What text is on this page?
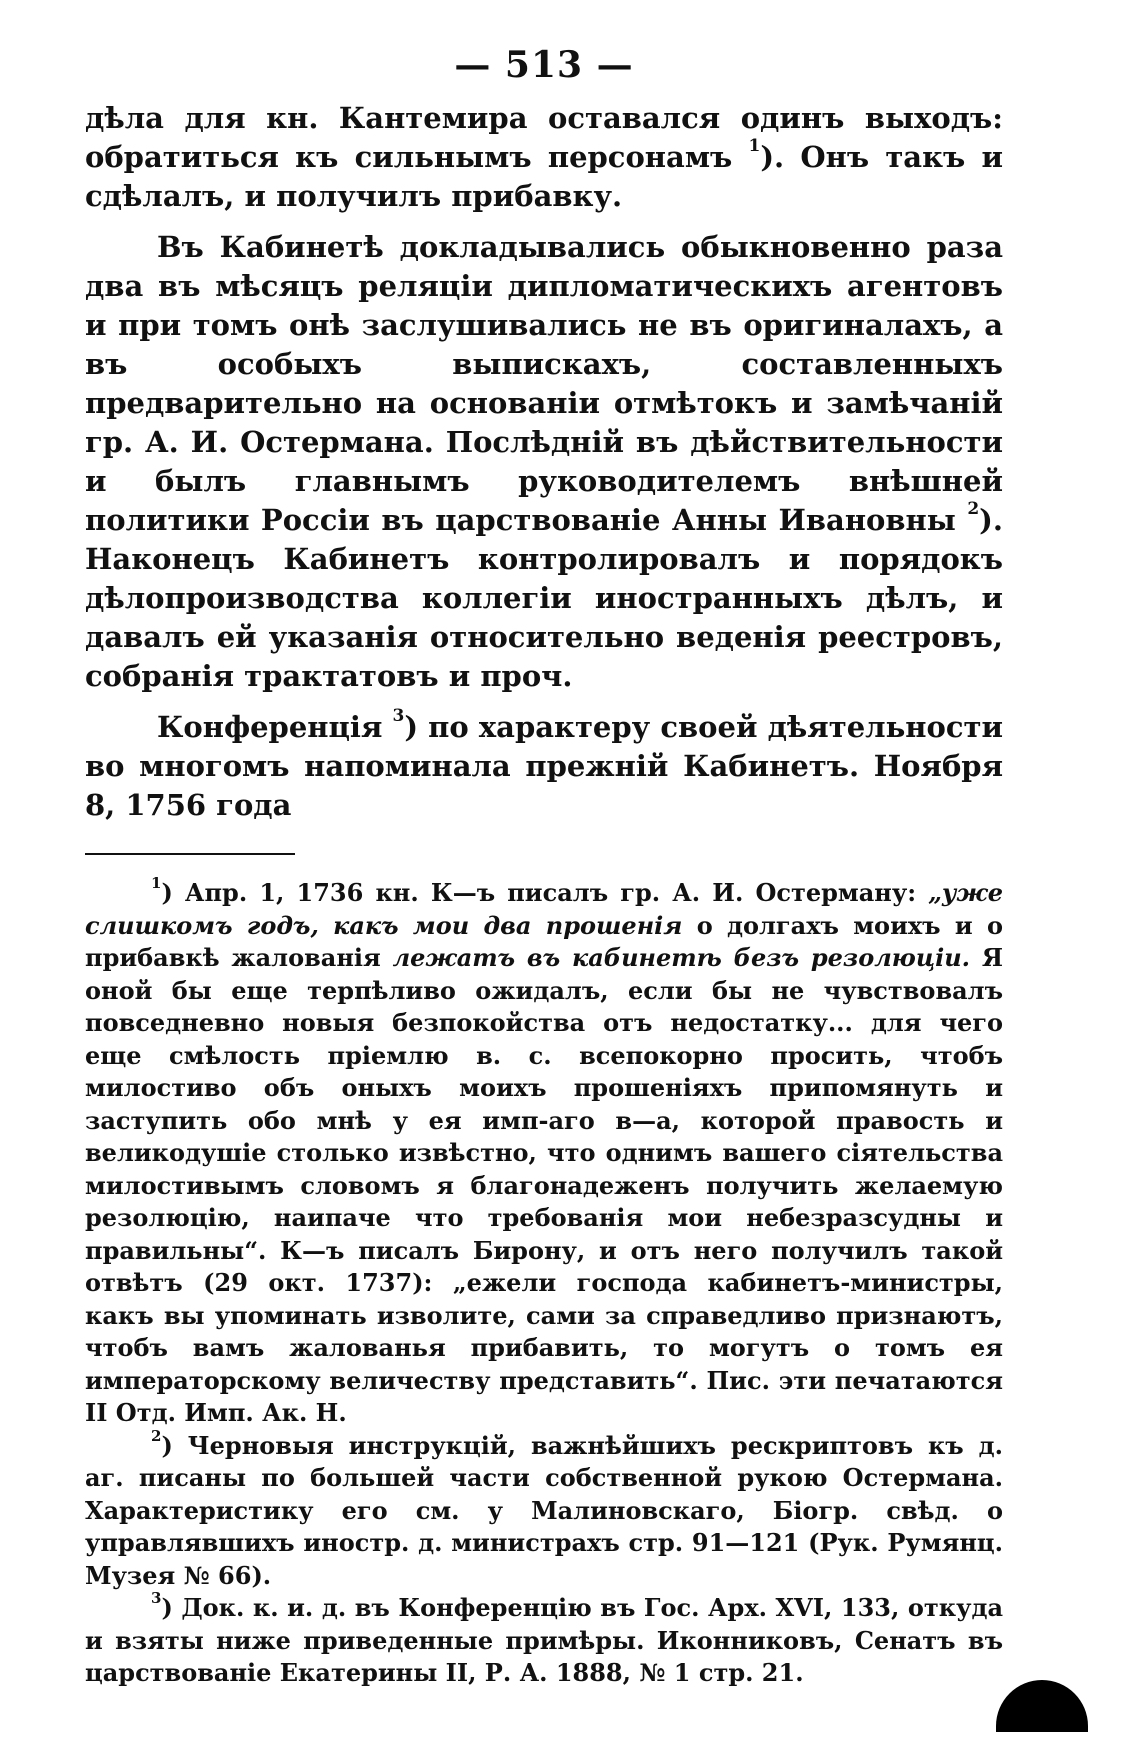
— 513 —

дѣла для кн. Кантемира оставался одинъ выходъ: обратиться къ сильнымъ персонамъ $^1$). Онъ такъ и сдѣлалъ, и получилъ прибавку.

Въ Кабинетѣ докладывались обыкновенно раза два въ мѣсяцъ реляціи дипломатическихъ агентовъ и при томъ онѣ заслушивались не въ оригиналахъ, а въ особыхъ выпискахъ, составленныхъ предварительно на основаніи отмѣтокъ и замѣчаній гр. А. И. Остермана. Послѣдній въ дѣйствительности и былъ главнымъ руководителемъ внѣшней политики Россіи въ царствованіе Анны Ивановны $^2$). Наконецъ Кабинетъ контролировалъ и порядокъ дѣлопроизводства коллегіи иностранныхъ дѣлъ, и давалъ ей указанія относительно веденія реестровъ, собранія трактатовъ и проч.

Конференція $^3$) по характеру своей дѣятельности во многомъ напоминала прежній Кабинетъ. Ноября 8, 1756 года

$^1$) Апр. 1, 1736 кн. К—ъ писалъ гр. А. И. Остерману: „уже слишкомъ годъ, какъ мои два прошенія о долгахъ моихъ и о прибавкѣ жалованія лежатъ въ кабинетѣ безъ резолюціи. Я оной бы еще терпѣливо ожидалъ, если бы не чувствовалъ повседневно новыя безпокойства отъ недостатку... для чего еще смѣлость пріемлю в. с. всепокорно просить, чтобъ милостиво объ оныхъ моихъ прошеніяхъ припомянуть и заступить обо мнѣ у ея имп-аго в—а, которой правость и великодушіе столько извѣстно, что однимъ вашего сіятельства милостивымъ словомъ я благонадеженъ получить желаемую резолюцію, наипаче что требованія мои небезразсудны и правильны“. К—ъ писалъ Бирону, и отъ него получилъ такой отвѣтъ (29 окт. 1737): „ежели господа кабинетъ-министры, какъ вы упоминать изволите, сами за справедливо признаютъ, чтобъ вамъ жалованья прибавить, то могутъ о томъ ея императорскому величеству представить“. Пис. эти печатаются II Отд. Имп. Ак. Н.

$^2$) Черновыя инструкцій, важнѣйшихъ рескриптовъ къ д. аг. писаны по большей части собственной рукою Остермана. Характеристику его см. у Малиновскаго, Біогр. свѣд. о управлявшихъ иностр. д. министрахъ стр. 91—121 (Рук. Румянц. Музея № 66).

$^3$) Док. к. и. д. въ Конференцію въ Гос. Арх. XVI, 133, откуда и взяты ниже приведенные примѣры. Иконниковъ, Сенатъ въ царствованіе Екатерины II, Р. А. 1888, № 1 стр. 21.
